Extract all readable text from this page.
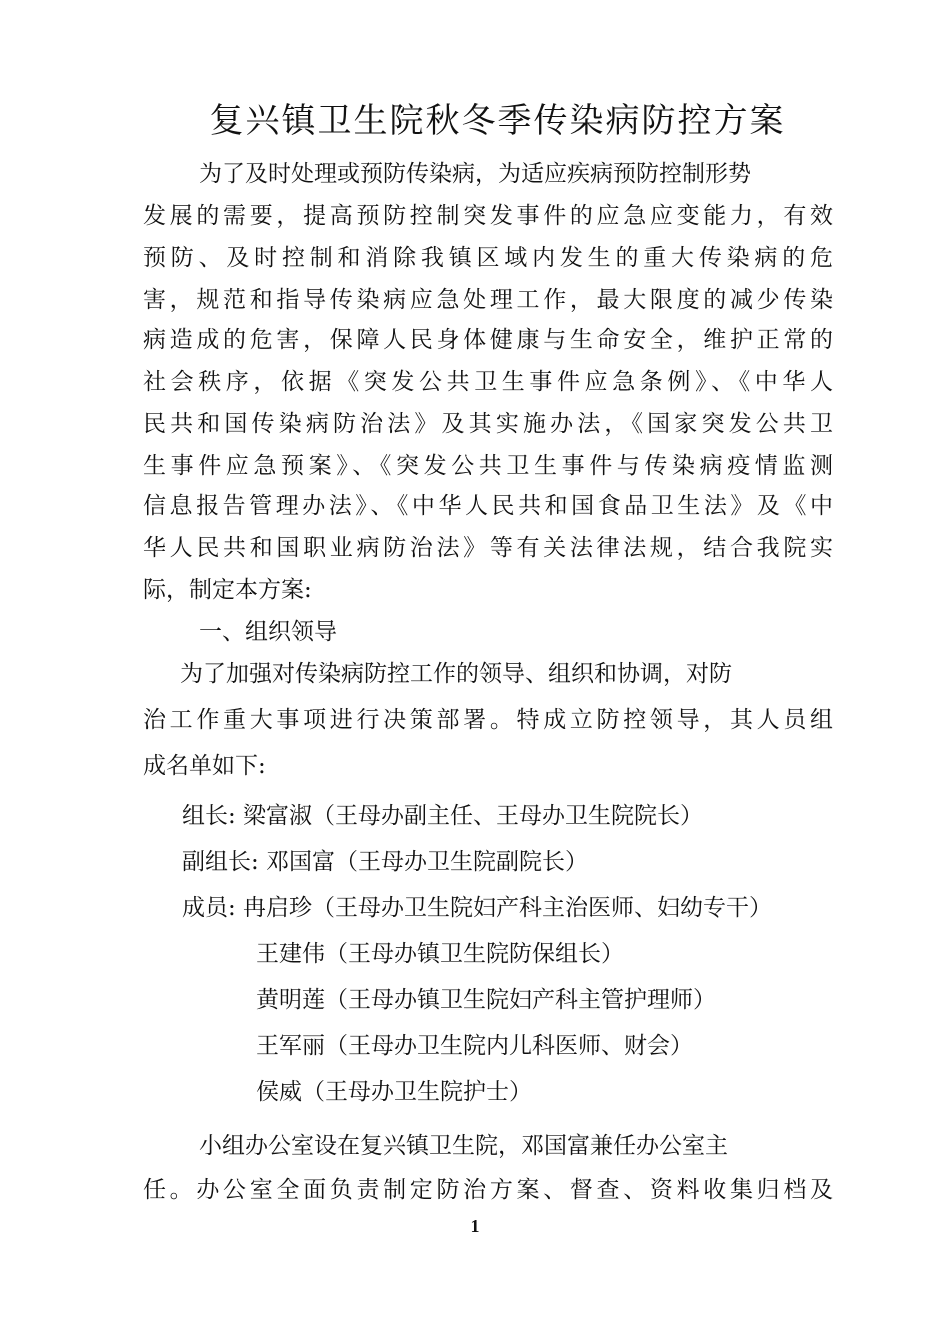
复兴镇卫生院秋冬季传染病防控方案
为了及时处理或预防传染病，为适应疾病预防控制形势
发展的需要，提高预防控制突发事件的应急应变能力，有效
预防、及时控制和消除我镇区域内发生的重大传染病的危
害，规范和指导传染病应急处理工作，最大限度的减少传染
病造成的危害，保障人民身体健康与生命安全，维护正常的
社会秩序，依据《突发公共卫生事件应急条例》、《中华人
民共和国传染病防治法》及其实施办法，《国家突发公共卫
生事件应急预案》、《突发公共卫生事件与传染病疫情监测
信息报告管理办法》、《中华人民共和国食品卫生法》及《中
华人民共和国职业病防治法》等有关法律法规，结合我院实
际，制定本方案:
一、组织领导
为了加强对传染病防控工作的领导、组织和协调，对防
治工作重大事项进行决策部署。特成立防控领导，其人员组
成名单如下:
组长: 梁富淑（王母办副主任、王母办卫生院院长）
副组长: 邓国富（王母办卫生院副院长）
成员: 冉启珍（王母办卫生院妇产科主治医师、妇幼专干）
王建伟（王母办镇卫生院防保组长）
黄明莲（王母办镇卫生院妇产科主管护理师）
王军丽（王母办卫生院内儿科医师、财会）
侯威（王母办卫生院护士）
小组办公室设在复兴镇卫生院，邓国富兼任办公室主
任。办公室全面负责制定防治方案、督查、资料收集归档及
1
